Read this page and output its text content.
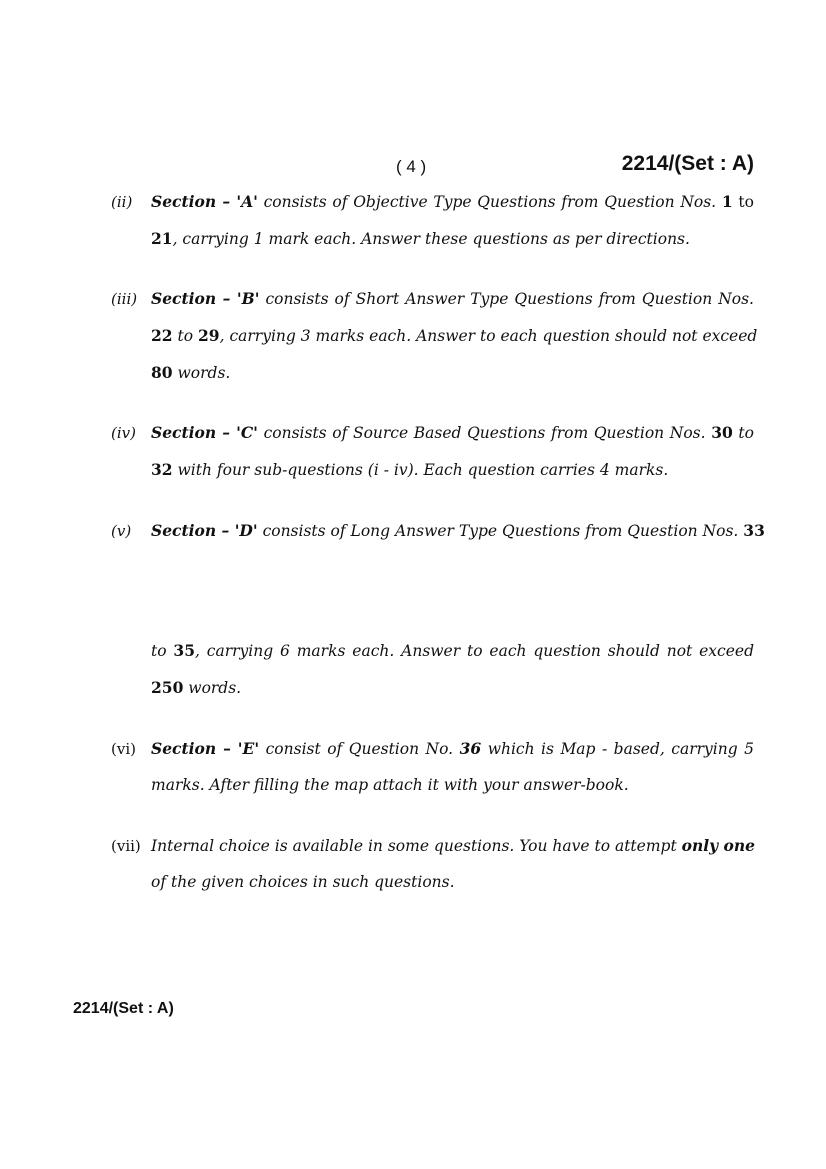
( 4 )	2214/(Set : A)
(ii) Section – 'A' consists of Objective Type Questions from Question Nos. 1 to
21, carrying 1 mark each. Answer these questions as per directions.
(iii) Section – 'B' consists of Short Answer Type Questions from Question Nos.
22 to 29, carrying 3 marks each. Answer to each question should not exceed
80 words.
(iv) Section – 'C' consists of Source Based Questions from Question Nos. 30 to
32 with four sub-questions (i - iv). Each question carries 4 marks.
(v) Section – 'D' consists of Long Answer Type Questions from Question Nos. 33
to 35, carrying 6 marks each. Answer to each question should not exceed
250 words.
(vi) Section – 'E' consist of Question No. 36 which is Map - based, carrying 5
marks. After filling the map attach it with your answer-book.
(vii) Internal choice is available in some questions. You have to attempt only one
of the given choices in such questions.
2214/(Set : A)
